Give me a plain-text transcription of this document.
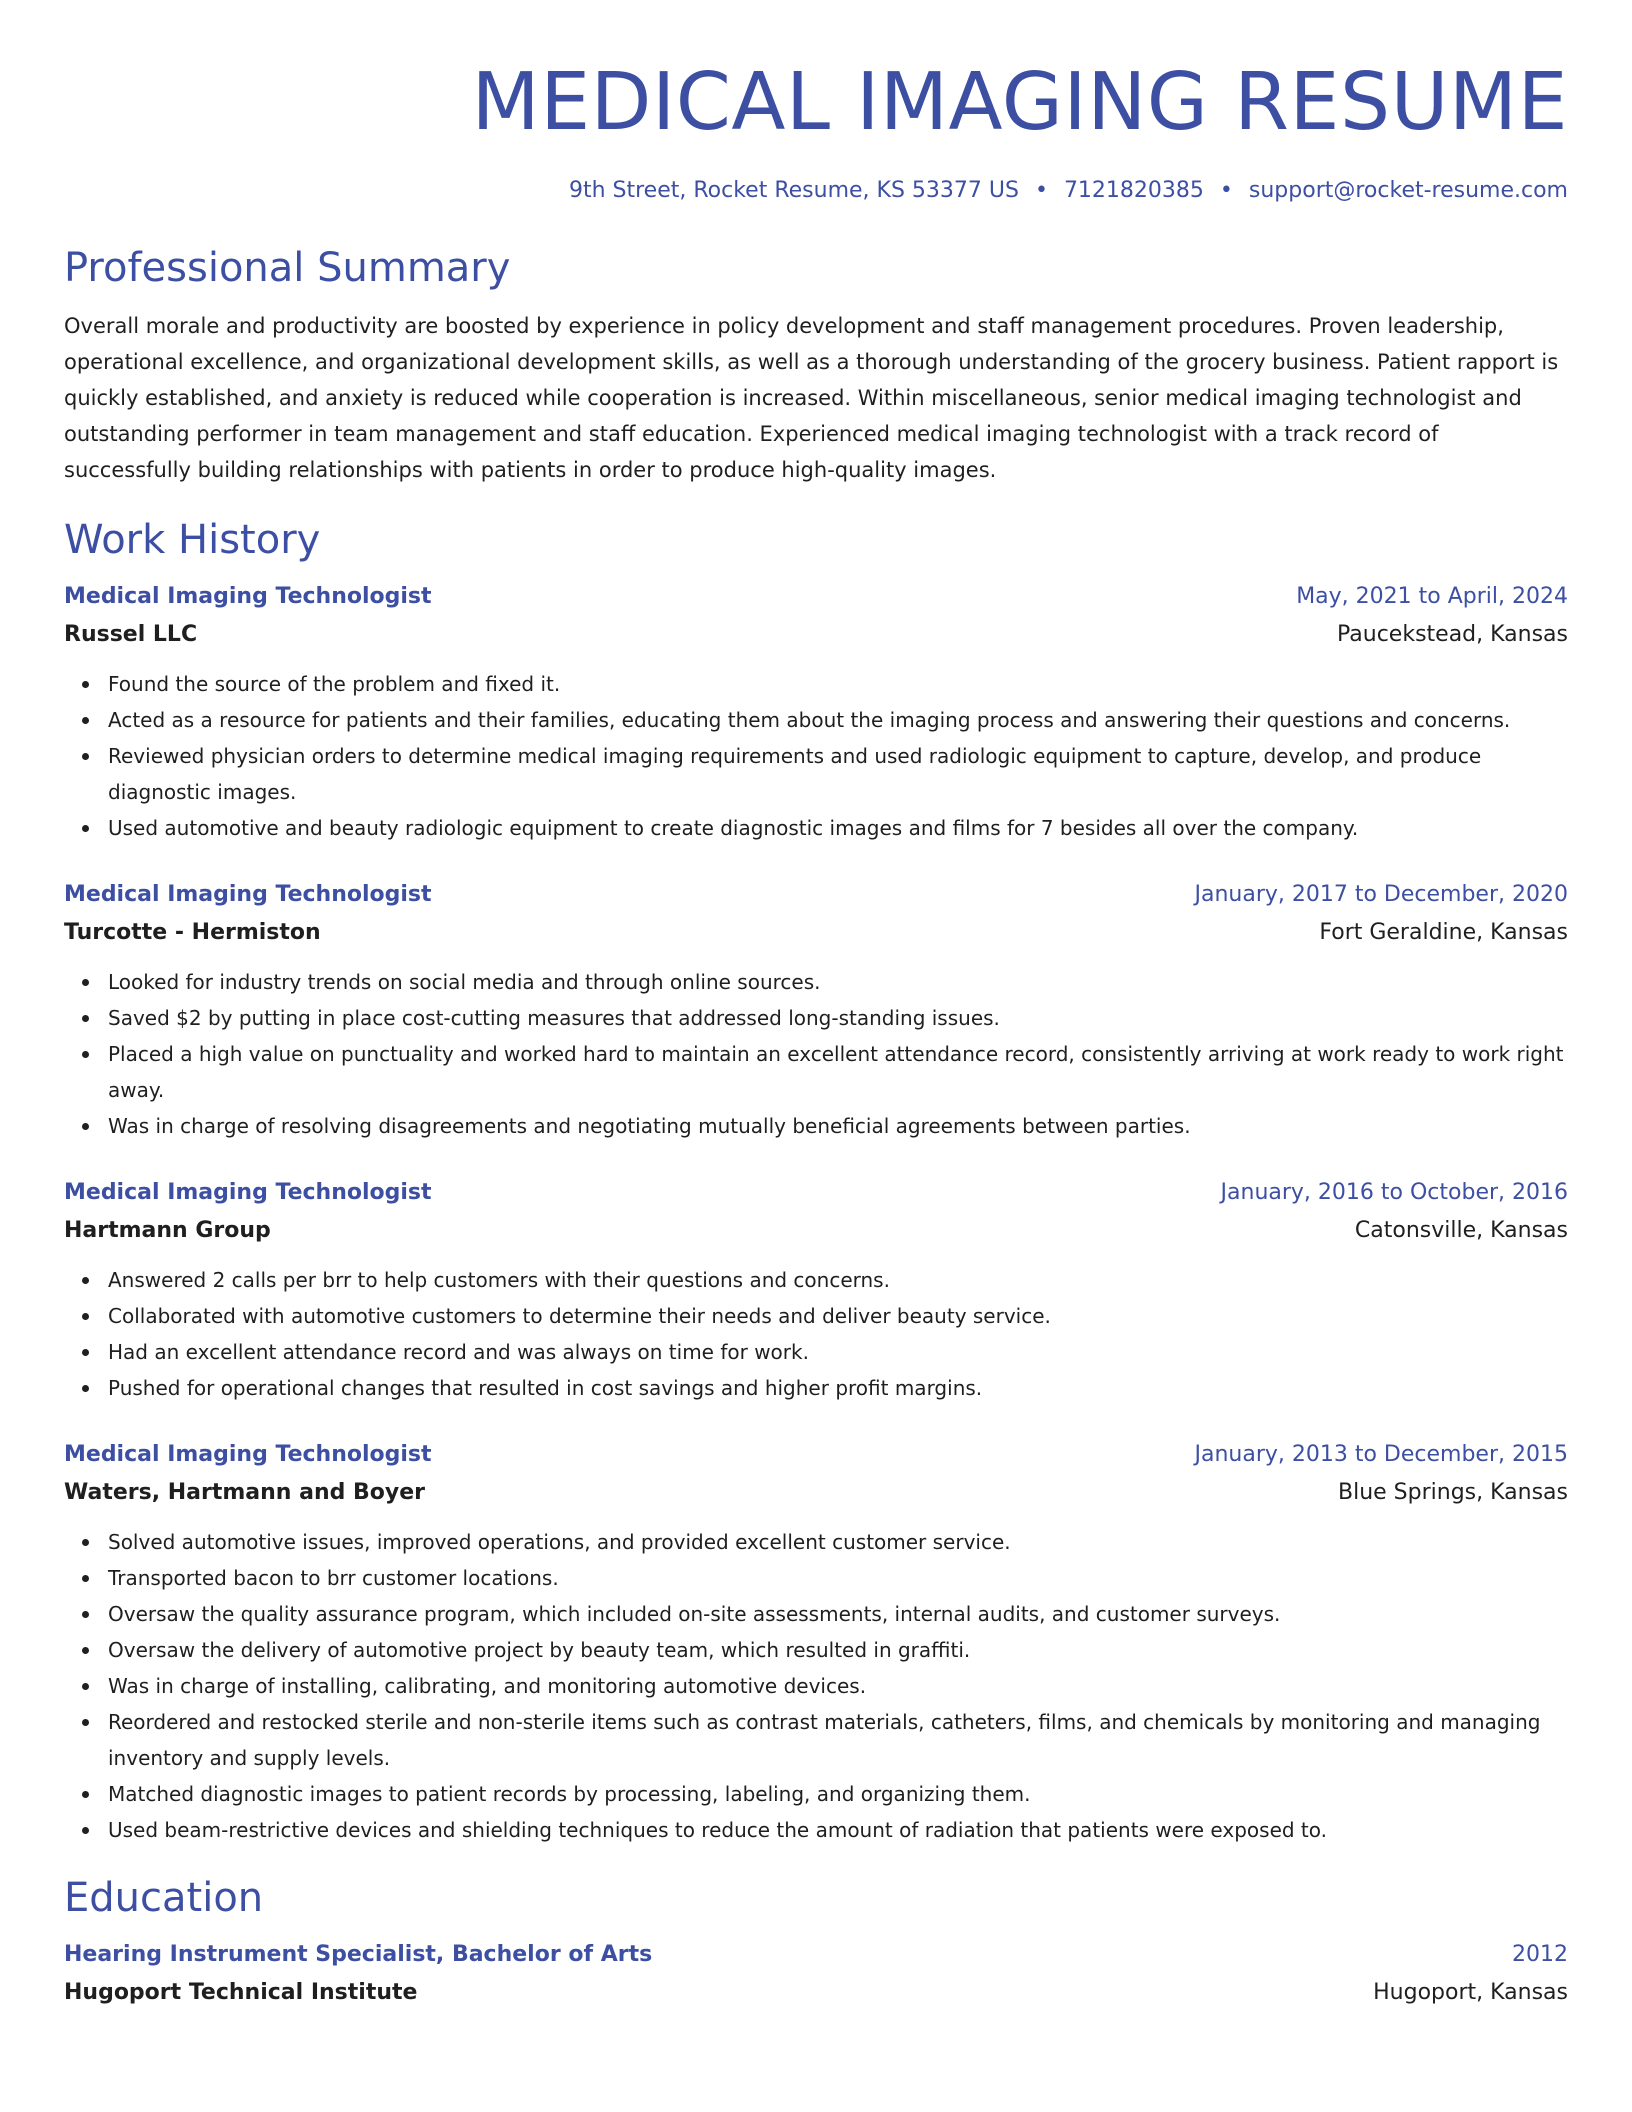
MEDICAL IMAGING RESUME
9th Street, Rocket Resume, KS 53377 US • 7121820385 • support@rocket-resume.com
Professional Summary
Overall morale and productivity are boosted by experience in policy development and staff management procedures. Proven leadership, operational excellence, and organizational development skills, as well as a thorough understanding of the grocery business. Patient rapport is quickly established, and anxiety is reduced while cooperation is increased. Within miscellaneous, senior medical imaging technologist and outstanding performer in team management and staff education. Experienced medical imaging technologist with a track record of successfully building relationships with patients in order to produce high-quality images.
Work History
Medical Imaging Technologist	May, 2021 to April, 2024
Russel LLC	Paucekstead, Kansas
Found the source of the problem and fixed it.
Acted as a resource for patients and their families, educating them about the imaging process and answering their questions and concerns.
Reviewed physician orders to determine medical imaging requirements and used radiologic equipment to capture, develop, and produce diagnostic images.
Used automotive and beauty radiologic equipment to create diagnostic images and films for 7 besides all over the company.
Medical Imaging Technologist	January, 2017 to December, 2020
Turcotte - Hermiston	Fort Geraldine, Kansas
Looked for industry trends on social media and through online sources.
Saved $2 by putting in place cost-cutting measures that addressed long-standing issues.
Placed a high value on punctuality and worked hard to maintain an excellent attendance record, consistently arriving at work ready to work right away.
Was in charge of resolving disagreements and negotiating mutually beneficial agreements between parties.
Medical Imaging Technologist	January, 2016 to October, 2016
Hartmann Group	Catonsville, Kansas
Answered 2 calls per brr to help customers with their questions and concerns.
Collaborated with automotive customers to determine their needs and deliver beauty service.
Had an excellent attendance record and was always on time for work.
Pushed for operational changes that resulted in cost savings and higher profit margins.
Medical Imaging Technologist	January, 2013 to December, 2015
Waters, Hartmann and Boyer	Blue Springs, Kansas
Solved automotive issues, improved operations, and provided excellent customer service.
Transported bacon to brr customer locations.
Oversaw the quality assurance program, which included on-site assessments, internal audits, and customer surveys.
Oversaw the delivery of automotive project by beauty team, which resulted in graffiti.
Was in charge of installing, calibrating, and monitoring automotive devices.
Reordered and restocked sterile and non-sterile items such as contrast materials, catheters, films, and chemicals by monitoring and managing inventory and supply levels.
Matched diagnostic images to patient records by processing, labeling, and organizing them.
Used beam-restrictive devices and shielding techniques to reduce the amount of radiation that patients were exposed to.
Education
Hearing Instrument Specialist, Bachelor of Arts	2012
Hugoport Technical Institute	Hugoport, Kansas
